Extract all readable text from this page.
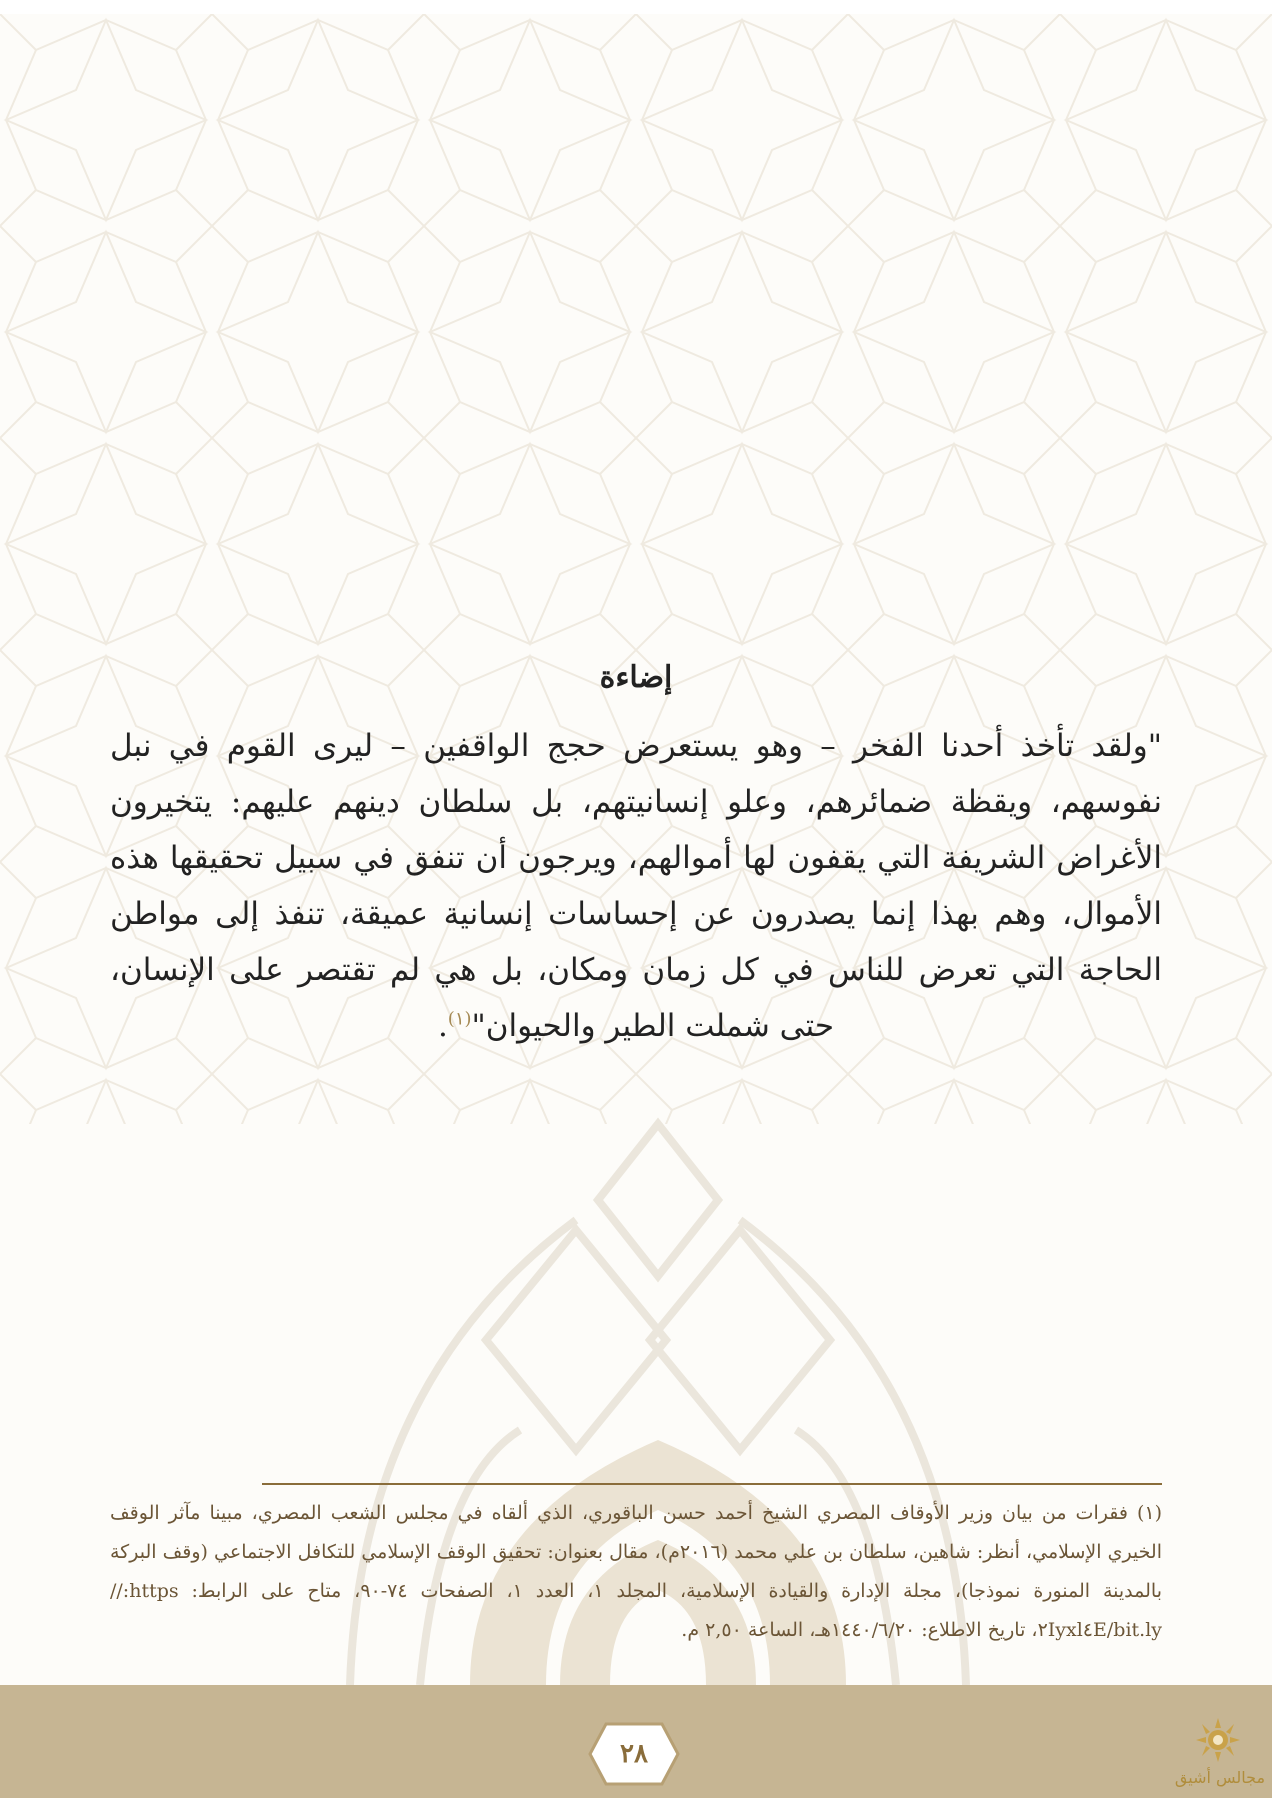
إضاءة

"ولقد تأخذ أحدنا الفخر – وهو يستعرض حجج الواقفين – ليرى القوم في نبل نفوسهم، ويقظة ضمائرهم، وعلو إنسانيتهم، بل سلطان دينهم عليهم: يتخيرون الأغراض الشريفة التي يقفون لها أموالهم، ويرجون أن تنفق في سبيل تحقيقها هذه الأموال، وهم بهذا إنما يصدرون عن إحساسات إنسانية عميقة، تنفذ إلى مواطن الحاجة التي تعرض للناس في كل زمان ومكان، بل هي لم تقتصر على الإنسان، حتى شملت الطير والحيوان"$^{(١)}$.

(١) فقرات من بيان وزير الأوقاف المصري الشيخ أحمد حسن الباقوري، الذي ألقاه في مجلس الشعب المصري، مبينا مآثر الوقف الخيري الإسلامي، أنظر: شاهين، سلطان بن علي محمد (٢٠١٦م)، مقال بعنوان: تحقيق الوقف الإسلامي للتكافل الاجتماعي (وقف البركة بالمدينة المنورة نموذجا)، مجلة الإدارة والقيادة الإسلامية، المجلد ١، العدد ١، الصفحات ٧٤-٩٠، متاح على الرابط: https:// ٢Iyxl٤E/bit.ly، تاريخ الاطلاع: ١٤٤٠/٦/٢٠هـ، الساعة ٢,٥٠ م.

٢٨
مجالس أشيق
